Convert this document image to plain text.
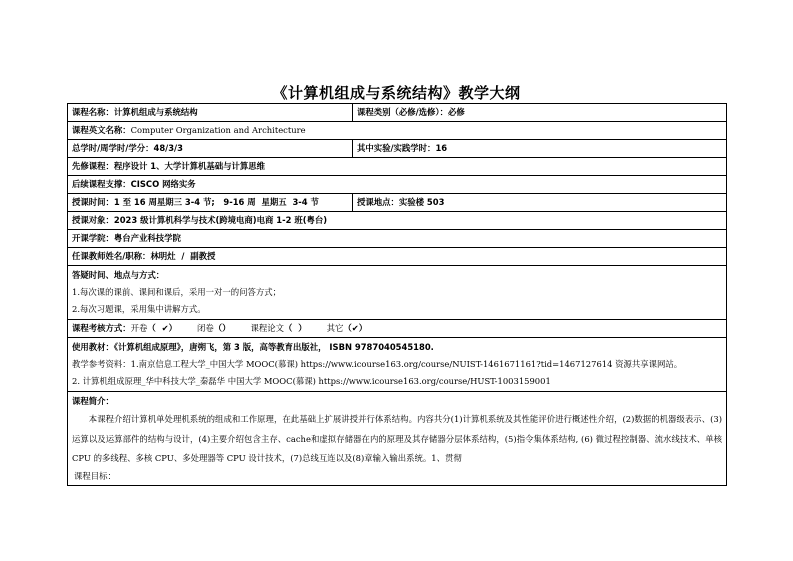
《计算机组成与系统结构》教学大纲
课程名称：计算机组成与系统结构	课程类别（必修/选修）：必修
课程英文名称：Computer Organization and Architecture	
总学时/周学时/学分：48/3/3	其中实验/实践学时：16
先修课程：程序设计 1、大学计算机基础与计算思维	
后续课程支撑：CISCO 网络实务	
授课时间：1 至 16 周星期三 3-4 节;   9-16 周  星期五  3-4 节	授课地点：实验楼 503
授课对象：2023 级计算机科学与技术(跨境电商)电商 1-2 班(粤台)	
开课学院：粤台产业科技学院	
任课教师姓名/职称：林明灶  /  副教授	

答疑时间、地点与方式：
1.每次课的课前、课间和课后，采用一对一的问答方式；
2.每次习题课，采用集中讲解方式。	

课程考核方式：开卷（  ✔） 闭卷（） 课程论文（  ） 其它（✔）	

使用教材：《计算机组成原理》，唐朔飞，第 3 版，高等教育出版社， ISBN 9787040545180.
教学参考资料：1.南京信息工程大学_中国大学 MOOC(慕课) https://www.icourse163.org/course/NUIST-1461671161?tid=1467127614 资源共享课网站。
2. 计算机组成原理_华中科技大学_秦磊华 中国大学 MOOC(慕课) https://www.icourse163.org/course/HUST-1003159001	

课程简介：
本课程介绍计算机单处理机系统的组成和工作原理，在此基础上扩展讲授并行体系结构。内容共分(1)计算机系统及其性能评价进行概述性介绍，(2)数据的机器级表示、(3)运算以及运算部件的结构与设计，(4)主要介绍包含主存、cache和虚拟存储器在内的原理及其存储器分层体系结构，(5)指令集体系结构, (6) 微过程控制器、流水线技术、单核 CPU 的多线程、多核 CPU、多处理器等 CPU 设计技术，(7)总线互连以及(8)章输入输出系统。1、贯彻
课程目标：	
